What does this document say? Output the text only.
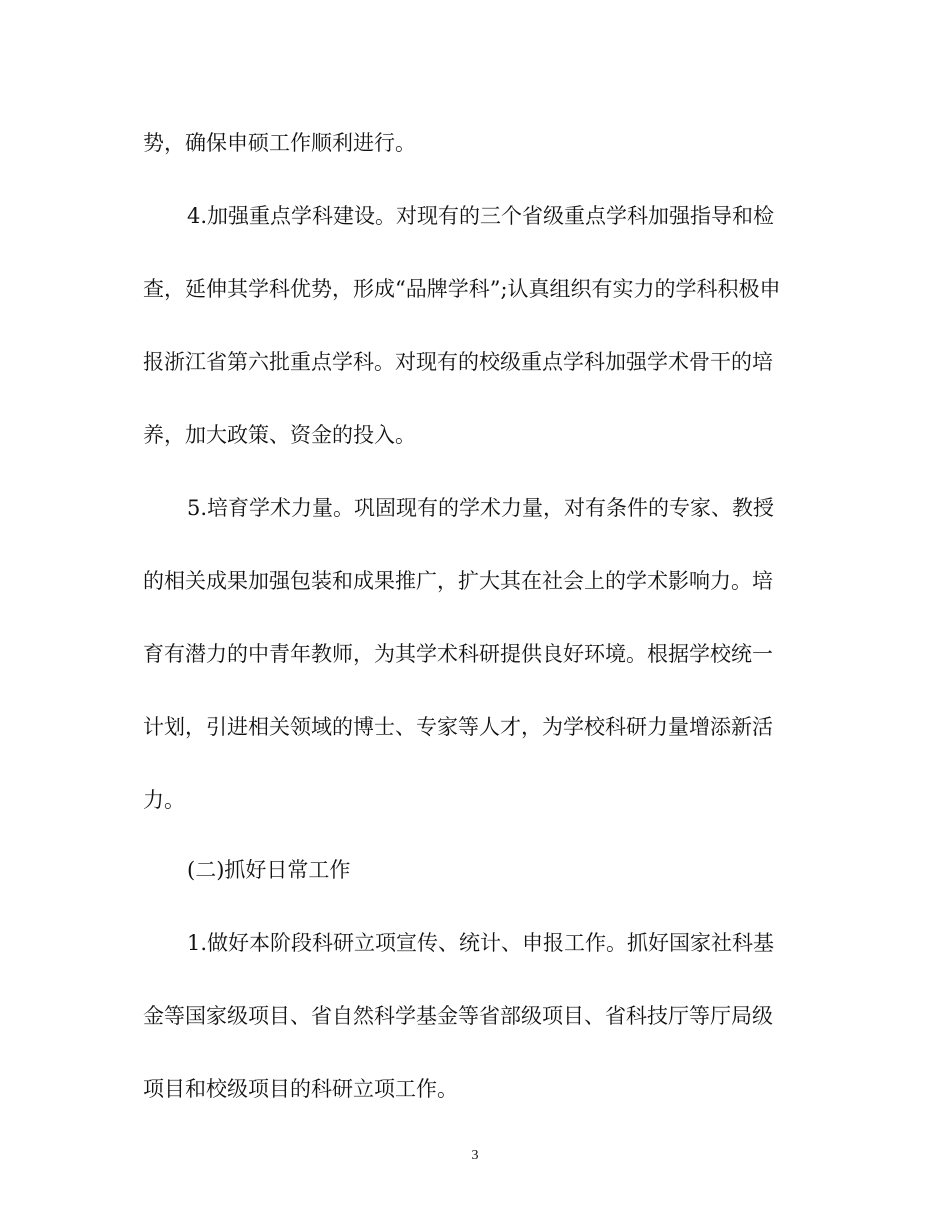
势，确保申硕工作顺利进行。
4.加强重点学科建设。对现有的三个省级重点学科加强指导和检
查，延伸其学科优势，形成“品牌学科”;认真组织有实力的学科积极申
报浙江省第六批重点学科。对现有的校级重点学科加强学术骨干的培
养，加大政策、资金的投入。
5.培育学术力量。巩固现有的学术力量，对有条件的专家、教授
的相关成果加强包装和成果推广，扩大其在社会上的学术影响力。培
育有潜力的中青年教师，为其学术科研提供良好环境。根据学校统一
计划，引进相关领域的博士、专家等人才，为学校科研力量增添新活
力。
(二)抓好日常工作
1.做好本阶段科研立项宣传、统计、申报工作。抓好国家社科基
金等国家级项目、省自然科学基金等省部级项目、省科技厅等厅局级
项目和校级项目的科研立项工作。
3
